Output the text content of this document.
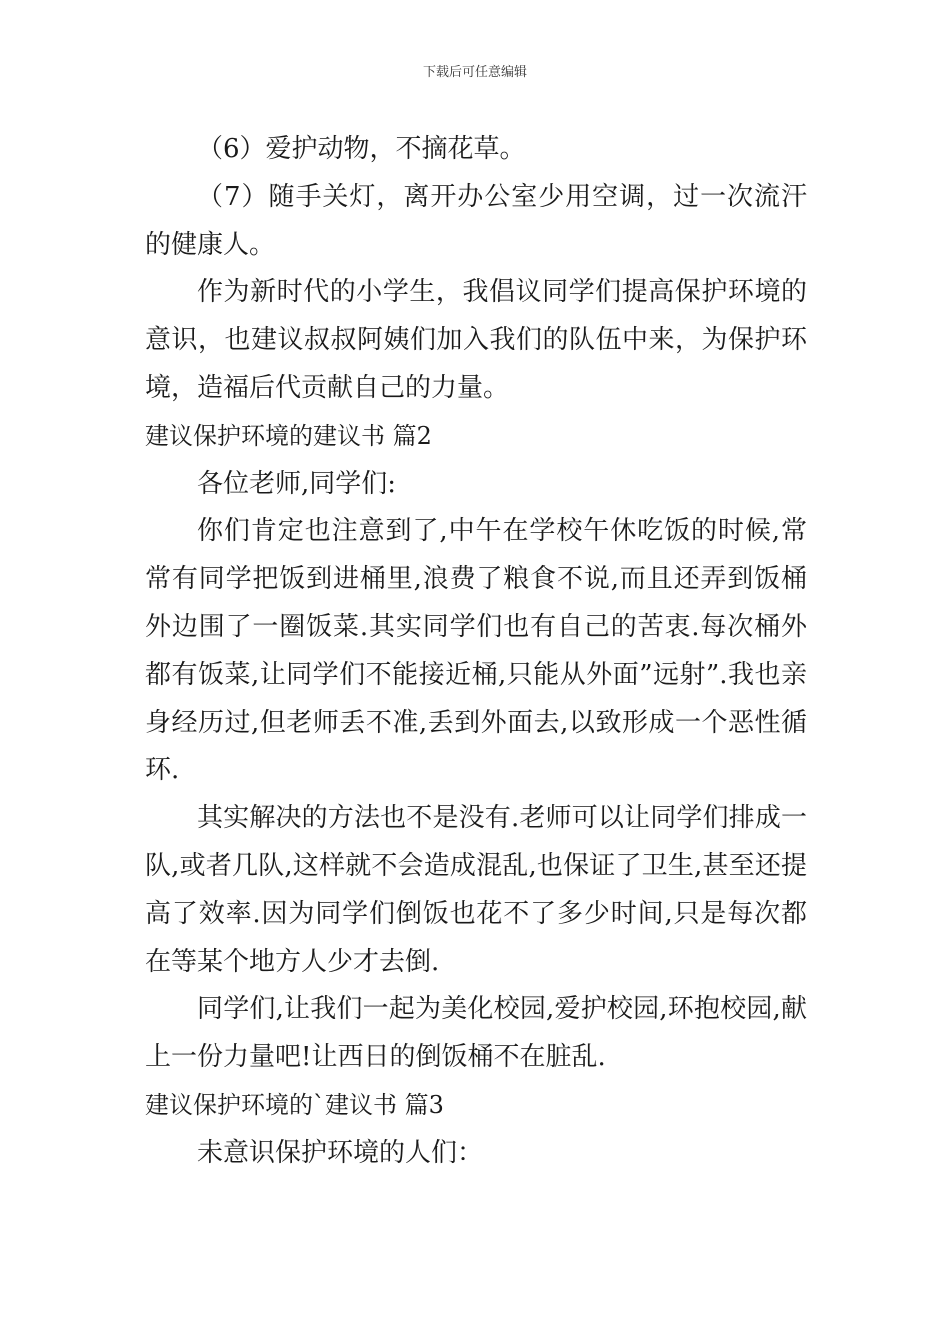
下载后可任意编辑

（6）爱护动物，不摘花草。

（7）随手关灯，离开办公室少用空调，过一次流汗的健康人。

作为新时代的小学生，我倡议同学们提高保护环境的意识，也建议叔叔阿姨们加入我们的队伍中来，为保护环境，造福后代贡献自己的力量。

建议保护环境的建议书 篇2

各位老师,同学们:

你们肯定也注意到了,中午在学校午休吃饭的时候,常常有同学把饭到进桶里,浪费了粮食不说,而且还弄到饭桶外边围了一圈饭菜.其实同学们也有自己的苦衷.每次桶外都有饭菜,让同学们不能接近桶,只能从外面”远射”.我也亲身经历过,但老师丢不准,丢到外面去,以致形成一个恶性循环.

其实解决的方法也不是没有.老师可以让同学们排成一队,或者几队,这样就不会造成混乱,也保证了卫生,甚至还提高了效率.因为同学们倒饭也花不了多少时间,只是每次都在等某个地方人少才去倒.

同学们,让我们一起为美化校园,爱护校园,环抱校园,献上一份力量吧!让西日的倒饭桶不在脏乱.

建议保护环境的`建议书 篇3

未意识保护环境的人们：
